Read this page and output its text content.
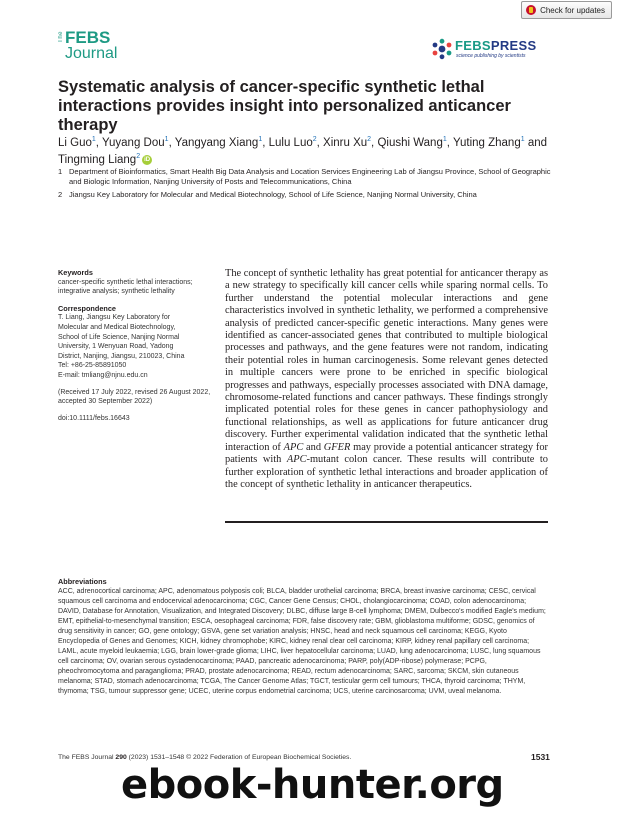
Check for updates
The FEBS
Journal	FEBSPRESS
science publishing by scientists
Systematic analysis of cancer-specific synthetic lethal interactions provides insight into personalized anticancer therapy
Li Guo$^1$, Yuyang Dou$^1$, Yangyang Xiang$^1$, Lulu Luo$^2$, Xinru Xu$^2$, Qiushi Wang$^1$, Yuting Zhang$^1$ and Tingming Liang$^2$ iD
1 Department of Bioinformatics, Smart Health Big Data Analysis and Location Services Engineering Lab of Jiangsu Province, School of Geographic and Biologic Information, Nanjing University of Posts and Telecommunications, China
2 Jiangsu Key Laboratory for Molecular and Medical Biotechnology, School of Life Science, Nanjing Normal University, China
Keywords
cancer-specific synthetic lethal interactions; integrative analysis; synthetic lethality
Correspondence
T. Liang, Jiangsu Key Laboratory for
Molecular and Medical Biotechnology,
School of Life Science, Nanjing Normal
University, 1 Wenyuan Road, Yadong
District, Nanjing, Jiangsu, 210023, China
Tel: +86-25-85891050
E-mail: tmliang@njnu.edu.cn
(Received 17 July 2022, revised 26 August 2022, accepted 30 September 2022)
doi:10.1111/febs.16643
The concept of synthetic lethality has great potential for anticancer therapy as a new strategy to specifically kill cancer cells while sparing normal cells. To further understand the potential molecular interactions and gene characteristics involved in synthetic lethality, we performed a comprehensive analysis of predicted cancer-specific genetic interactions. Many genes were identified as cancer-associated genes that contributed to multiple biological processes and pathways, and the gene features were not random, indicating their potential roles in human carcinogenesis. Some relevant genes detected in multiple cancers were prone to be enriched in specific biological progresses and pathways, especially processes associated with DNA damage, chromosome-related functions and cancer pathways. These findings strongly implicated potential roles for these genes in cancer pathophysiology and functional relationships, as well as applications for future anticancer drug discovery. Further experimental validation indicated that the synthetic lethal interaction of APC and GFER may provide a potential anticancer strategy for patients with APC-mutant colon cancer. These results will contribute to further exploration of synthetic lethal interactions and broader application of the concept of synthetic lethality in anticancer therapeutics.
Abbreviations
ACC, adrenocortical carcinoma; APC, adenomatous polyposis coli; BLCA, bladder urothelial carcinoma; BRCA, breast invasive carcinoma; CESC, cervical squamous cell carcinoma and endocervical adenocarcinoma; CGC, Cancer Gene Census; CHOL, cholangiocarcinoma; COAD, colon adenocarcinoma; DAVID, Database for Annotation, Visualization, and Integrated Discovery; DLBC, diffuse large B-cell lymphoma; DMEM, Dulbecco's modified Eagle's medium; EMT, epithelial-to-mesenchymal transition; ESCA, oesophageal carcinoma; FDR, false discovery rate; GBM, glioblastoma multiforme; GDSC, genomics of drug sensitivity in cancer; GO, gene ontology; GSVA, gene set variation analysis; HNSC, head and neck squamous cell carcinoma; KEGG, Kyoto Encyclopedia of Genes and Genomes; KICH, kidney chromophobe; KIRC, kidney renal clear cell carcinoma; KIRP, kidney renal papillary cell carcinoma; LAML, acute myeloid leukaemia; LGG, brain lower-grade glioma; LIHC, liver hepatocellular carcinoma; LUAD, lung adenocarcinoma; LUSC, lung squamous cell carcinoma; OV, ovarian serous cystadenocarcinoma; PAAD, pancreatic adenocarcinoma; PARP, poly(ADP-ribose) polymerase; PCPG, pheochromocytoma and paraganglioma; PRAD, prostate adenocarcinoma; READ, rectum adenocarcinoma; SARC, sarcoma; SKCM, skin cutaneous melanoma; STAD, stomach adenocarcinoma; TCGA, The Cancer Genome Atlas; TGCT, testicular germ cell tumours; THCA, thyroid carcinoma; THYM, thymoma; TSG, tumour suppressor gene; UCEC, uterine corpus endometrial carcinoma; UCS, uterine carcinosarcoma; UVM, uveal melanoma.
The FEBS Journal 290 (2023) 1531–1548 © 2022 Federation of European Biochemical Societies.	1531
ebook-hunter.org
